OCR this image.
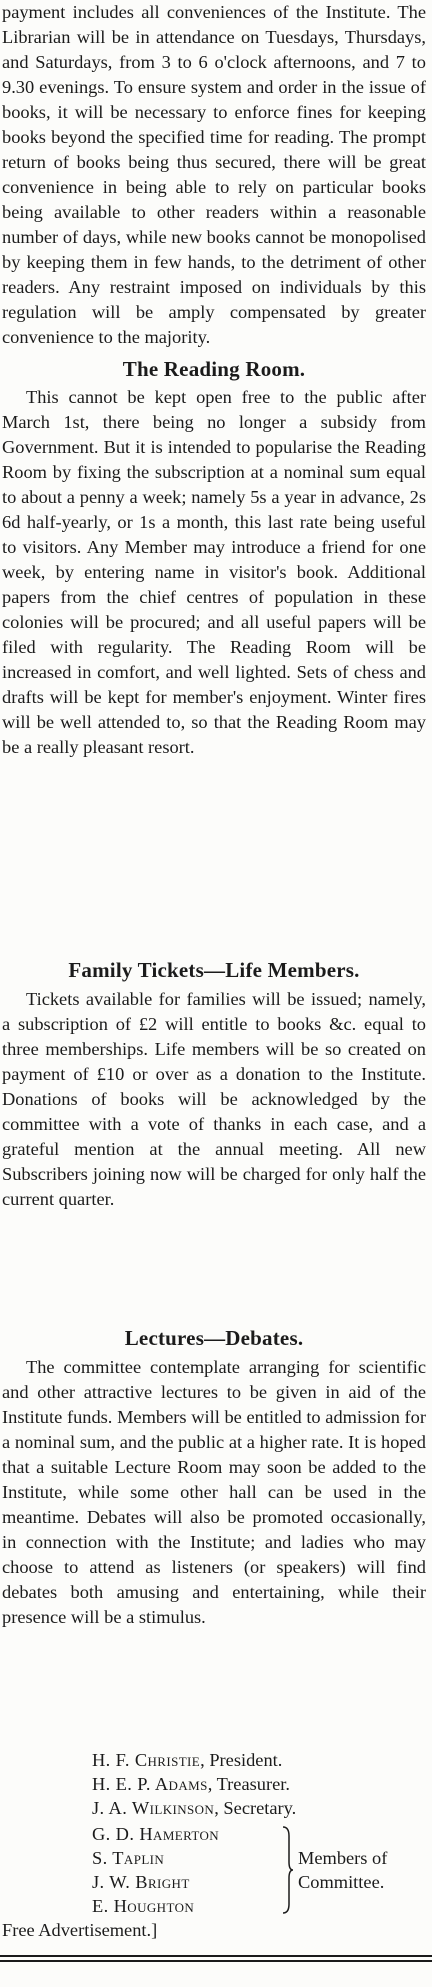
payment includes all conveniences of the Institute. The Librarian will be in attendance on Tuesdays, Thursdays, and Saturdays, from 3 to 6 o'clock afternoons, and 7 to 9.30 evenings. To ensure system and order in the issue of books, it will be necessary to enforce fines for keeping books beyond the specified time for reading. The prompt return of books being thus secured, there will be great convenience in being able to rely on particular books being available to other readers within a reasonable number of days, while new books cannot be monopolised by keeping them in few hands, to the detriment of other readers. Any restraint imposed on individuals by this regulation will be amply compensated by greater convenience to the majority.

The Reading Room.

This cannot be kept open free to the public after March 1st, there being no longer a subsidy from Government. But it is intended to popularise the Reading Room by fixing the subscription at a nominal sum equal to about a penny a week; namely 5s a year in advance, 2s 6d half-yearly, or 1s a month, this last rate being useful to visitors. Any Member may introduce a friend for one week, by entering name in visitor's book. Additional papers from the chief centres of population in these colonies will be procured; and all useful papers will be filed with regularity. The Reading Room will be increased in comfort, and well lighted. Sets of chess and drafts will be kept for member's enjoyment. Winter fires will be well attended to, so that the Reading Room may be a really pleasant resort.

Family Tickets—Life Members.

Tickets available for families will be issued; namely, a subscription of £2 will entitle to books &c. equal to three memberships. Life members will be so created on payment of £10 or over as a donation to the Institute. Donations of books will be acknowledged by the committee with a vote of thanks in each case, and a grateful mention at the annual meeting. All new Subscribers joining now will be charged for only half the current quarter.

Lectures—Debates.

The committee contemplate arranging for scientific and other attractive lectures to be given in aid of the Institute funds. Members will be entitled to admission for a nominal sum, and the public at a higher rate. It is hoped that a suitable Lecture Room may soon be added to the Institute, while some other hall can be used in the meantime. Debates will also be promoted occasionally, in connection with the Institute; and ladies who may choose to attend as listeners (or speakers) will find debates both amusing and entertaining, while their presence will be a stimulus.

H. F. Christie, President.
H. E. P. Adams, Treasurer.
J. A. Wilkinson, Secretary.
G. D. Hamerton
S. Taplin
J. W. Bright
E. Houghton
Members of
Committee.
Free Advertisement.]
